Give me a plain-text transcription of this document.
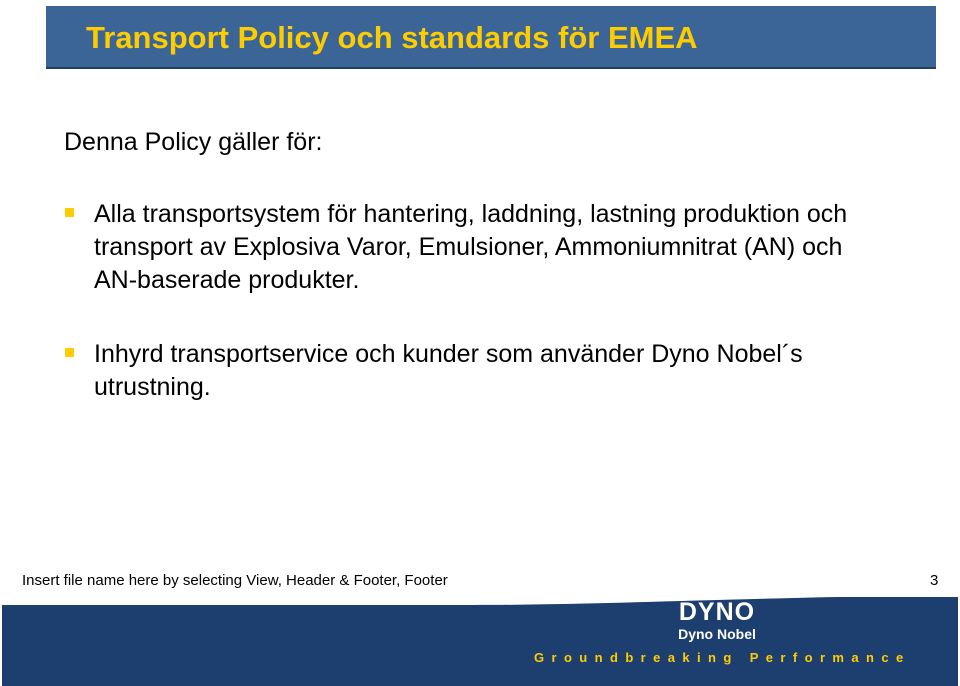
Transport Policy och standards för EMEA
Denna Policy gäller för:
Alla transportsystem för hantering, laddning, lastning produktion och transport av Explosiva Varor, Emulsioner, Ammoniumnitrat (AN) och AN-baserade produkter.
Inhyrd transportservice och kunder som använder Dyno Nobel´s utrustning.
Insert file name here by selecting View, Header & Footer, Footer	3
DYNO
Dyno Nobel
Groundbreaking Performance
